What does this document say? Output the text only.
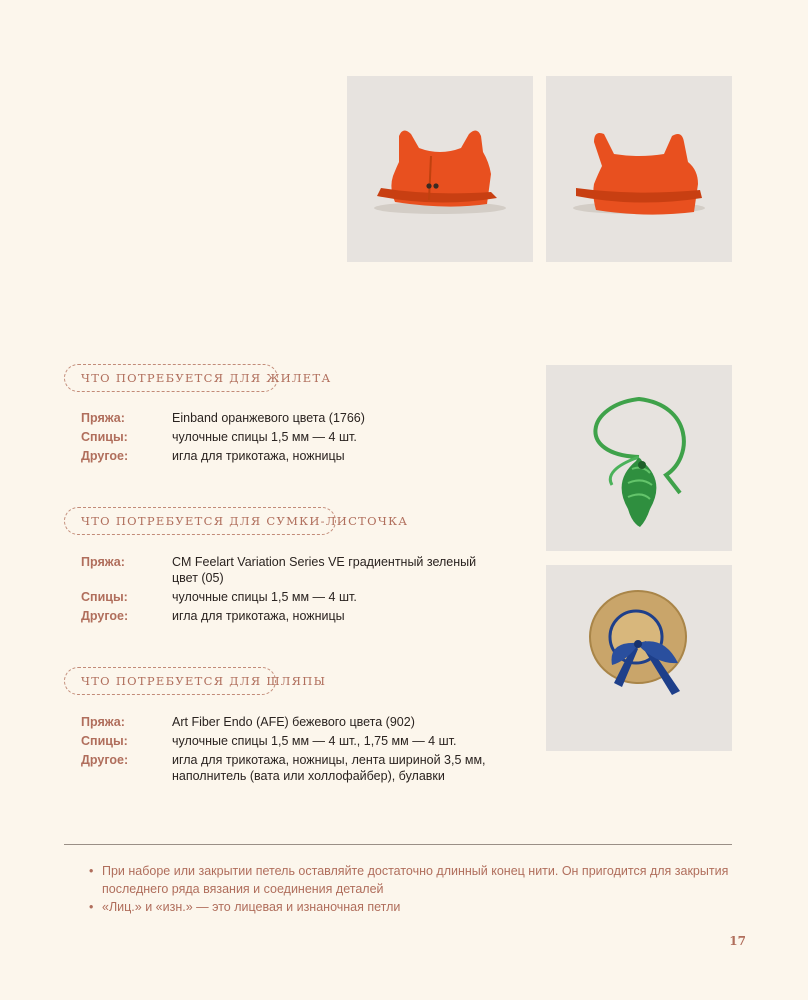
ЧТО ПОТРЕБУЕТСЯ ДЛЯ ЖИЛЕТА
Пряжа:	Einband оранжевого цвета (1766)
Спицы:	чулочные спицы 1,5 мм — 4 шт.
Другое:	игла для трикотажа, ножницы
ЧТО ПОТРЕБУЕТСЯ ДЛЯ СУМКИ-ЛИСТОЧКА
Пряжа:	CM Feelart Variation Series VE градиентный зеленый цвет (05)
Спицы:	чулочные спицы 1,5 мм — 4 шт.
Другое:	игла для трикотажа, ножницы
ЧТО ПОТРЕБУЕТСЯ ДЛЯ ШЛЯПЫ
Пряжа:	Art Fiber Endo (AFE) бежевого цвета (902)
Спицы:	чулочные спицы 1,5 мм — 4 шт., 1,75 мм — 4 шт.
Другое:	игла для трикотажа, ножницы, лента шириной 3,5 мм, наполнитель (вата или холлофайбер), булавки
• При наборе или закрытии петель оставляйте достаточно длинный конец нити. Он пригодится для закрытия последнего ряда вязания и соединения деталей
• «Лиц.» и «изн.» — это лицевая и изнаночная петли
17
